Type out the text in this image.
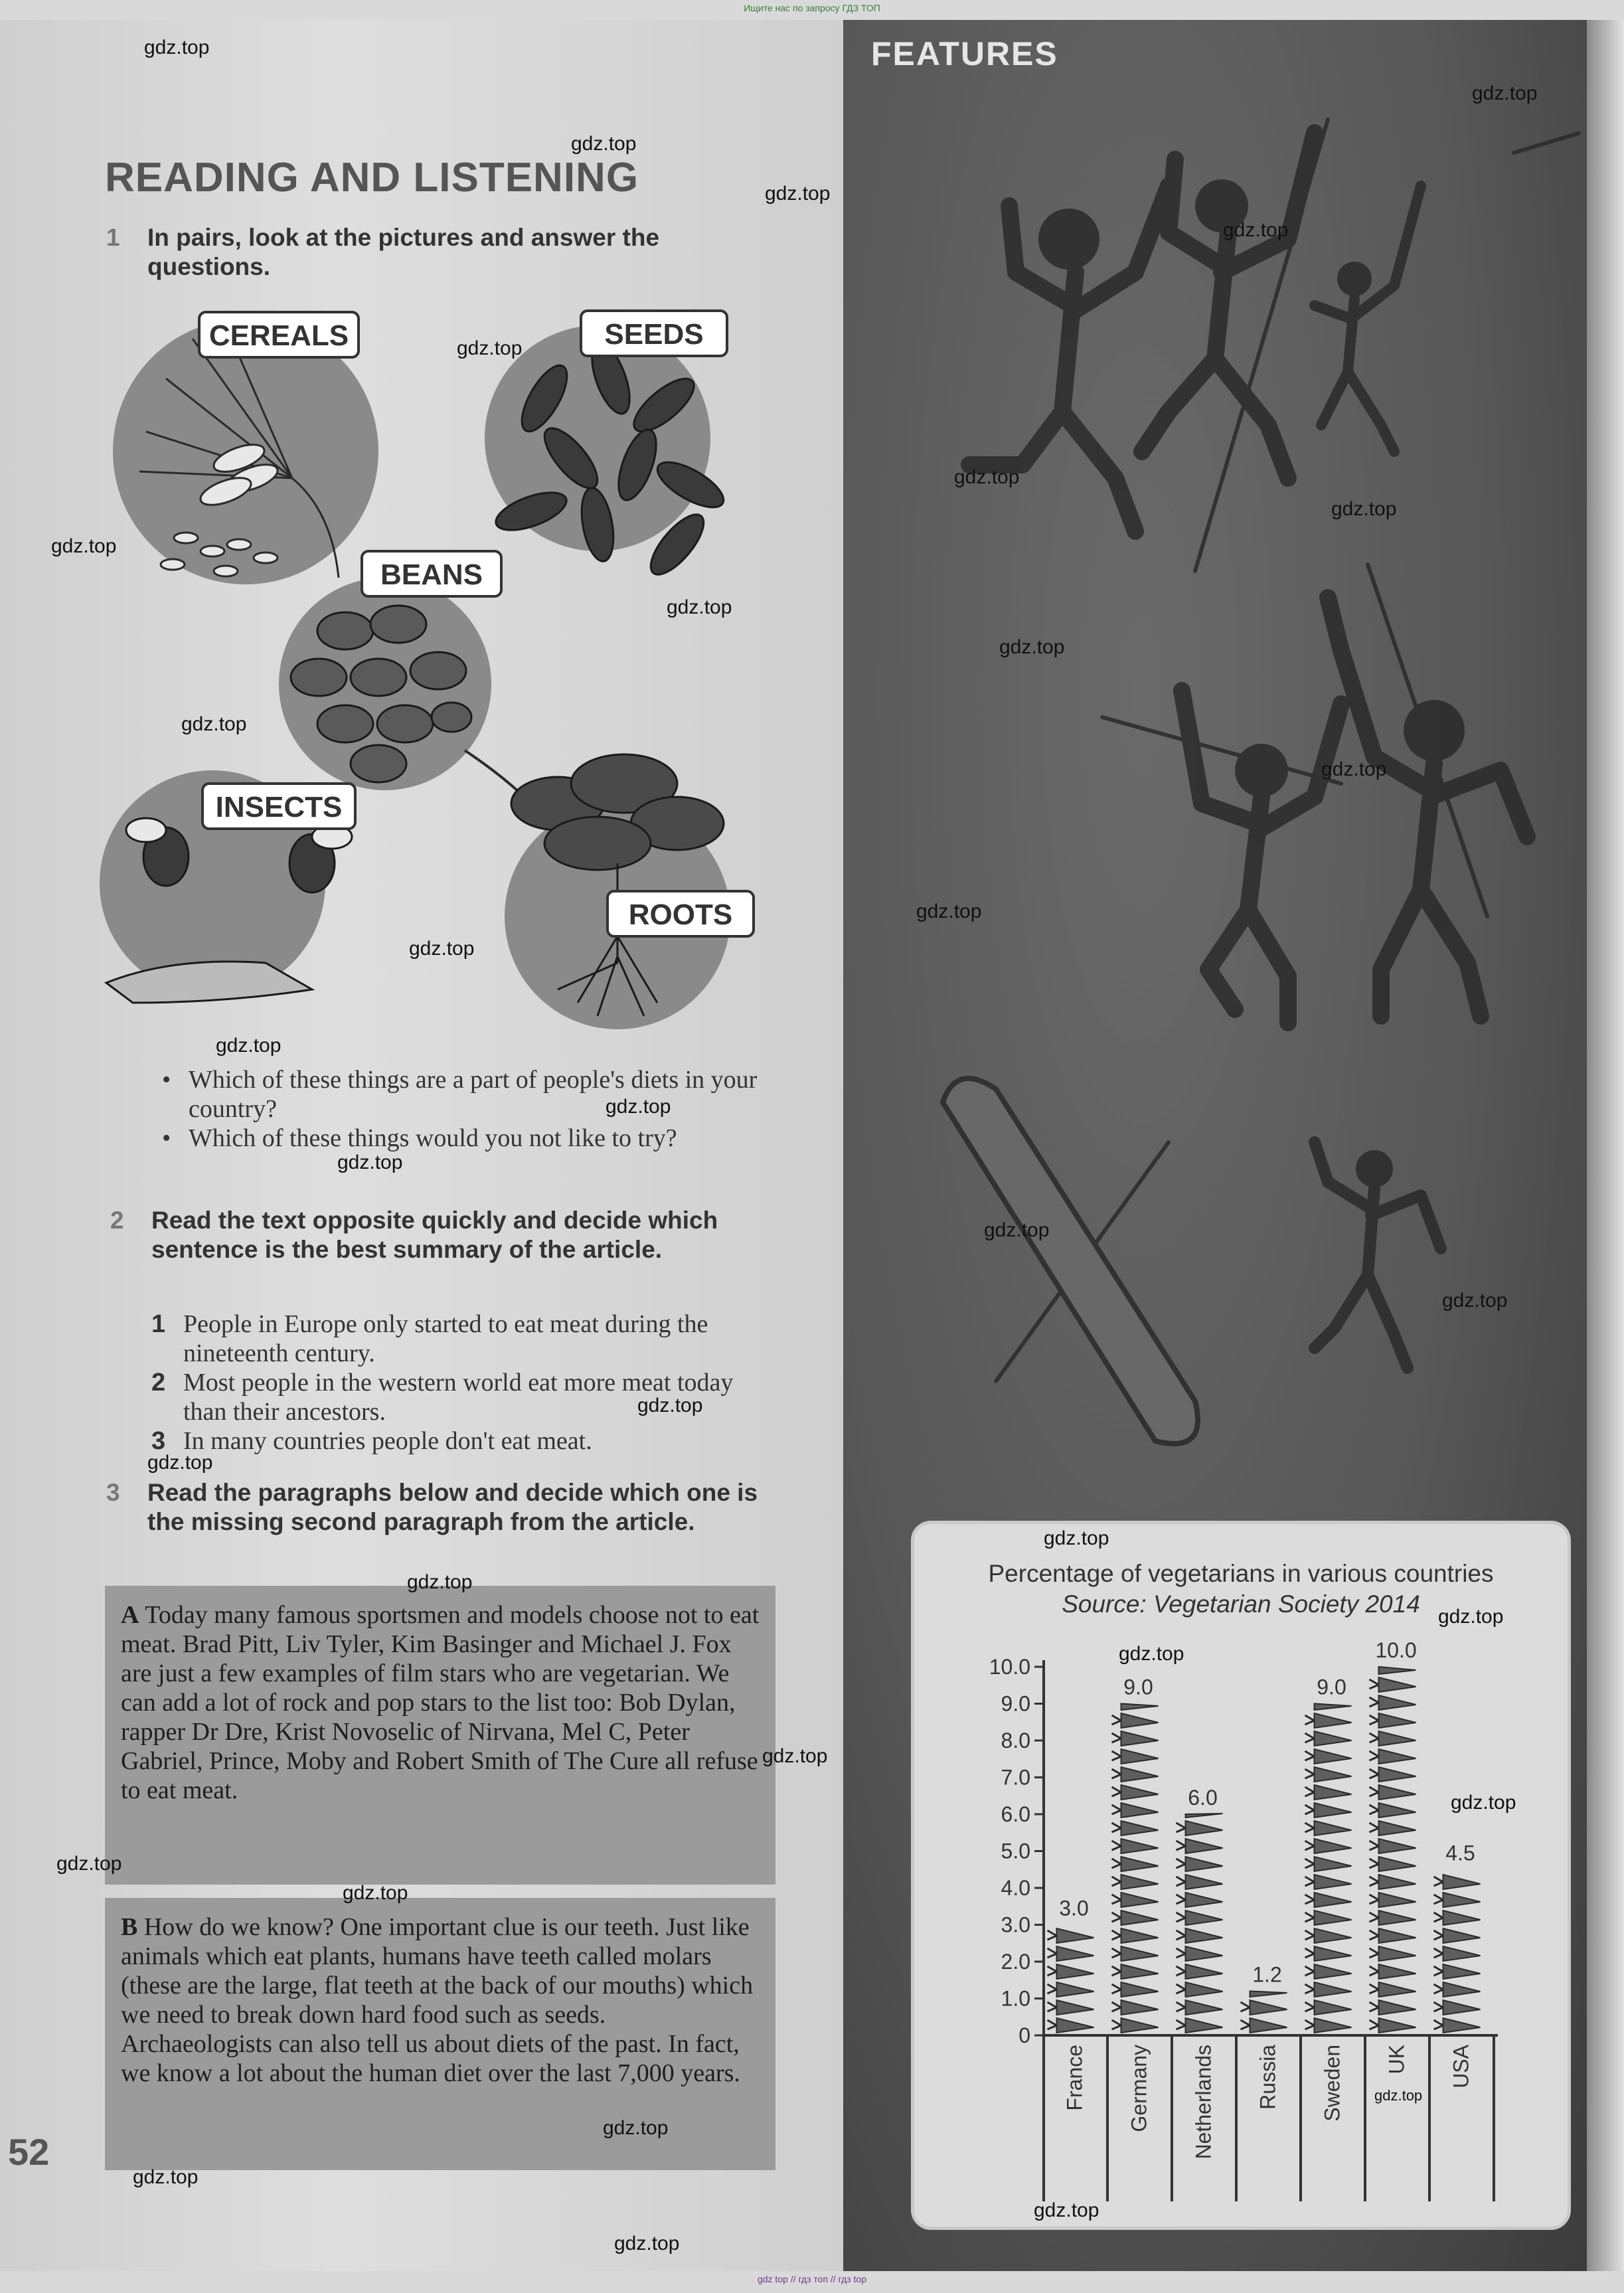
Ищите нас по запросу ГДЗ ТОП
READING AND LISTENING
1 In pairs, look at the pictures and answer the questions.
CEREALS	SEEDS
BEANS
INSECTS
ROOTS
• Which of these things are a part of people's diets in your country?
• Which of these things would you not like to try?
2 Read the text opposite quickly and decide which sentence is the best summary of the article.
1 People in Europe only started to eat meat during the nineteenth century.
2 Most people in the western world eat more meat today than their ancestors.
3 In many countries people don't eat meat.
3 Read the paragraphs below and decide which one is the missing second paragraph from the article.
A Today many famous sportsmen and models choose not to eat meat. Brad Pitt, Liv Tyler, Kim Basinger and Michael J. Fox are just a few examples of film stars who are vegetarian. We can add a lot of rock and pop stars to the list too: Bob Dylan, rapper Dr Dre, Krist Novoselic of Nirvana, Mel C, Peter Gabriel, Prince, Moby and Robert Smith of The Cure all refuse to eat meat.
B How do we know? One important clue is our teeth. Just like animals which eat plants, humans have teeth called molars (these are the large, flat teeth at the back of our mouths) which we need to break down hard food such as seeds. Archaeologists can also tell us about diets of the past. In fact, we know a lot about the human diet over the last 7,000 years.
52
FEATURES
Percentage of vegetarians in various countries
Source: Vegetarian Society 2014
0
1.0
2.0
3.0
4.0
5.0
6.0
7.0
8.0
9.0
10.0
3.0
France
9.0
Germany
6.0
Netherlands
1.2
Russia
9.0
Sweden
10.0
UK
4.5
USA
gdz.top
gdz.top
gdz.top
gdz.top
gdz.top
gdz.top
gdz.top
gdz.top
gdz.top
gdz.top
gdz.top
gdz.top
gdz.top
gdz.top
gdz.top
gdz.top
gdz.top
gdz.top
gdz.top
gdz.top
gdz.top
gdz.top
gdz.top
gdz.top
gdz.top
gdz.top
gdz.top
gdz.top
gdz.top
gdz.top
gdz.top
gdz.top
gdz.top
gdz.top
gdz.top
gdz top // гдз топ // гдз top
